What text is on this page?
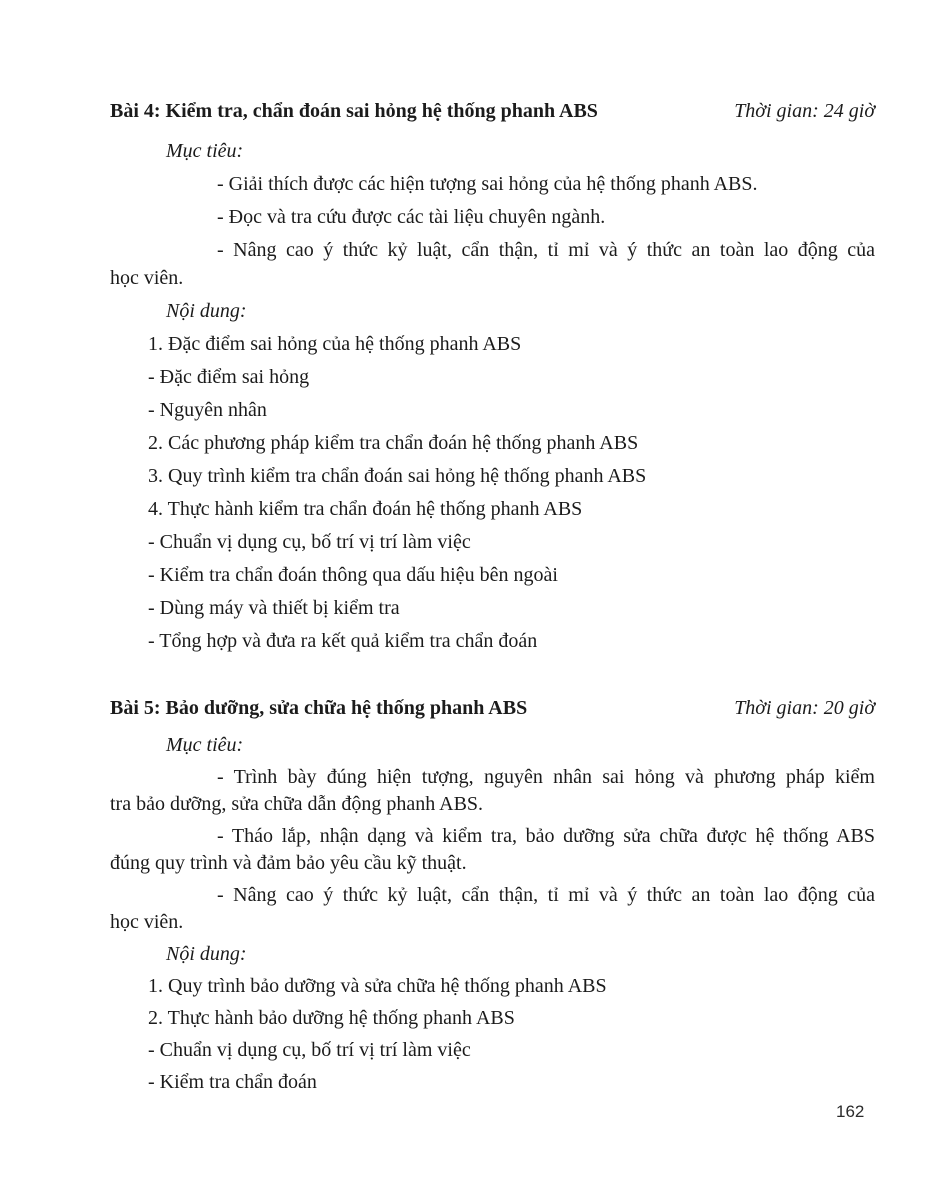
Bài 4: Kiểm tra, chẩn đoán sai hỏng hệ thống phanh ABS	Thời gian: 24 giờ
Mục tiêu:
- Giải thích được các hiện tượng sai hỏng của hệ thống phanh ABS.
- Đọc và tra cứu được các tài liệu chuyên ngành.
- Nâng cao ý thức kỷ luật, cẩn thận, tỉ mỉ và ý thức an toàn lao động của
học viên.
Nội dung:
1. Đặc điểm sai hỏng của hệ thống phanh ABS
- Đặc điểm sai hỏng
- Nguyên nhân
2. Các phương pháp kiểm tra chẩn đoán hệ thống phanh ABS
3. Quy trình kiểm tra chẩn đoán sai hỏng hệ thống phanh ABS
4. Thực hành kiểm tra chẩn đoán hệ thống phanh ABS
- Chuẩn vị dụng cụ, bố trí vị trí làm việc
- Kiểm tra chẩn đoán thông qua dấu hiệu bên ngoài
- Dùng máy và thiết bị kiểm tra
- Tổng hợp và đưa ra kết quả kiểm tra chẩn đoán
Bài 5: Bảo dưỡng, sửa chữa hệ thống phanh ABS	Thời gian: 20 giờ
Mục tiêu:
- Trình bày đúng hiện tượng, nguyên nhân sai hỏng và phương pháp kiểm
tra bảo dưỡng, sửa chữa dẫn động phanh ABS.
- Tháo lắp, nhận dạng và kiểm tra, bảo dưỡng sửa chữa được hệ thống ABS
đúng quy trình và đảm bảo yêu cầu kỹ thuật.
- Nâng cao ý thức kỷ luật, cẩn thận, tỉ mỉ và ý thức an toàn lao động của
học viên.
Nội dung:
1. Quy trình bảo dưỡng và sửa chữa hệ thống phanh ABS
2. Thực hành bảo dưỡng hệ thống phanh ABS
- Chuẩn vị dụng cụ, bố trí vị trí làm việc
- Kiểm tra chẩn đoán
162
